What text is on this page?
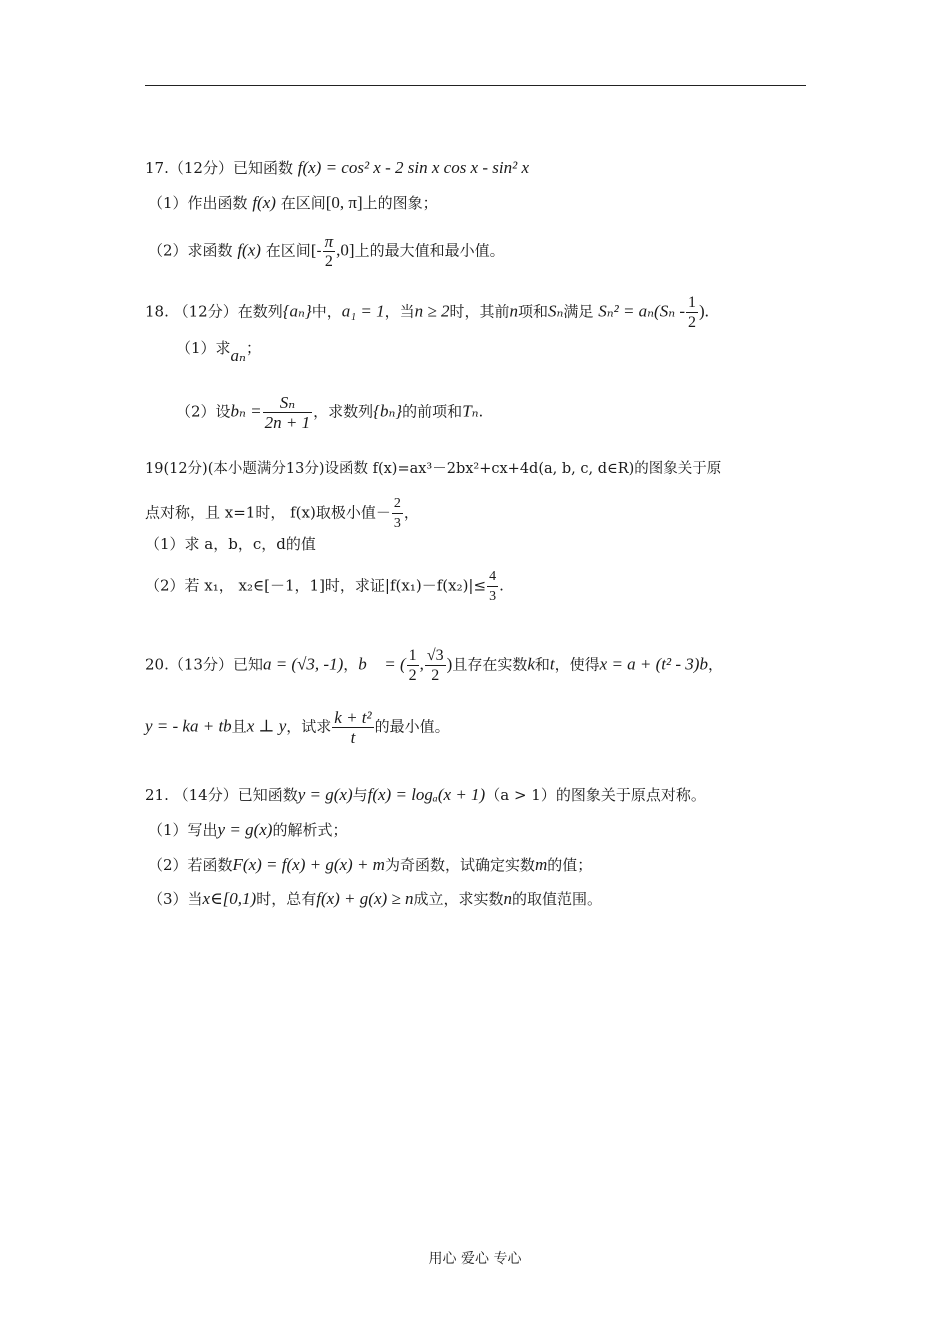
17.（12分）已知函数 f(x) = cos² x - 2 sin x cos x - sin² x
（1）作出函数 f(x) 在区间[0, π]上的图象；
（2）求函数 f(x) 在区间[- $\frac{\pi}{2} ,0$]上的最大值和最小值。
18. （12分）在数列{aₙ}中，a₁ = 1，当n ≥ 2时，其前n项和Sₙ满足 $S_n^2 = a_n(S_n - \frac{1}{2}$ ).
（1）求aₙ；
（2）设$b_n = \frac{\text{Sₙ}}{2n + 1}$ ，求数列{bₙ}的前项和Tₙ.
19(12分)(本小题满分13分)设函数 f(x)=ax³－2bx²+cx+4d(a, b, c, d∈R)的图象关于原
点对称，且 x=1时， f(x)取极小值－ $\frac{2}{3}$ ，
（1）求 a，b，c，d的值
（2）若 x₁， x₂∈[－1，1]时，求证$|f(x_1)-f(x_2)|\le \frac{4}{3}$ .
20.（13分）已知a = (√3, -1)，b⃗ = ( $\frac{1}{2}$ , $\frac{√3}{2}$ )且存在实数k和t，使得x = a + (t² - 3)b，
y = - ka + tb且x ⊥ y，试求 $\frac{\text{k + t²}}{t}$ 的最小值。
21. （14分）已知函数y = g(x)与f(x) = logₐ(x + 1)（a > 1）的图象关于原点对称。
（1）写出y = g(x)的解析式；
（2）若函数F(x) = f(x) + g(x) + m为奇函数，试确定实数m的值；
（3）当x∈[0,1)时，总有f(x) + g(x) ≥ n成立，求实数n的取值范围。
用心 爱心 专心
